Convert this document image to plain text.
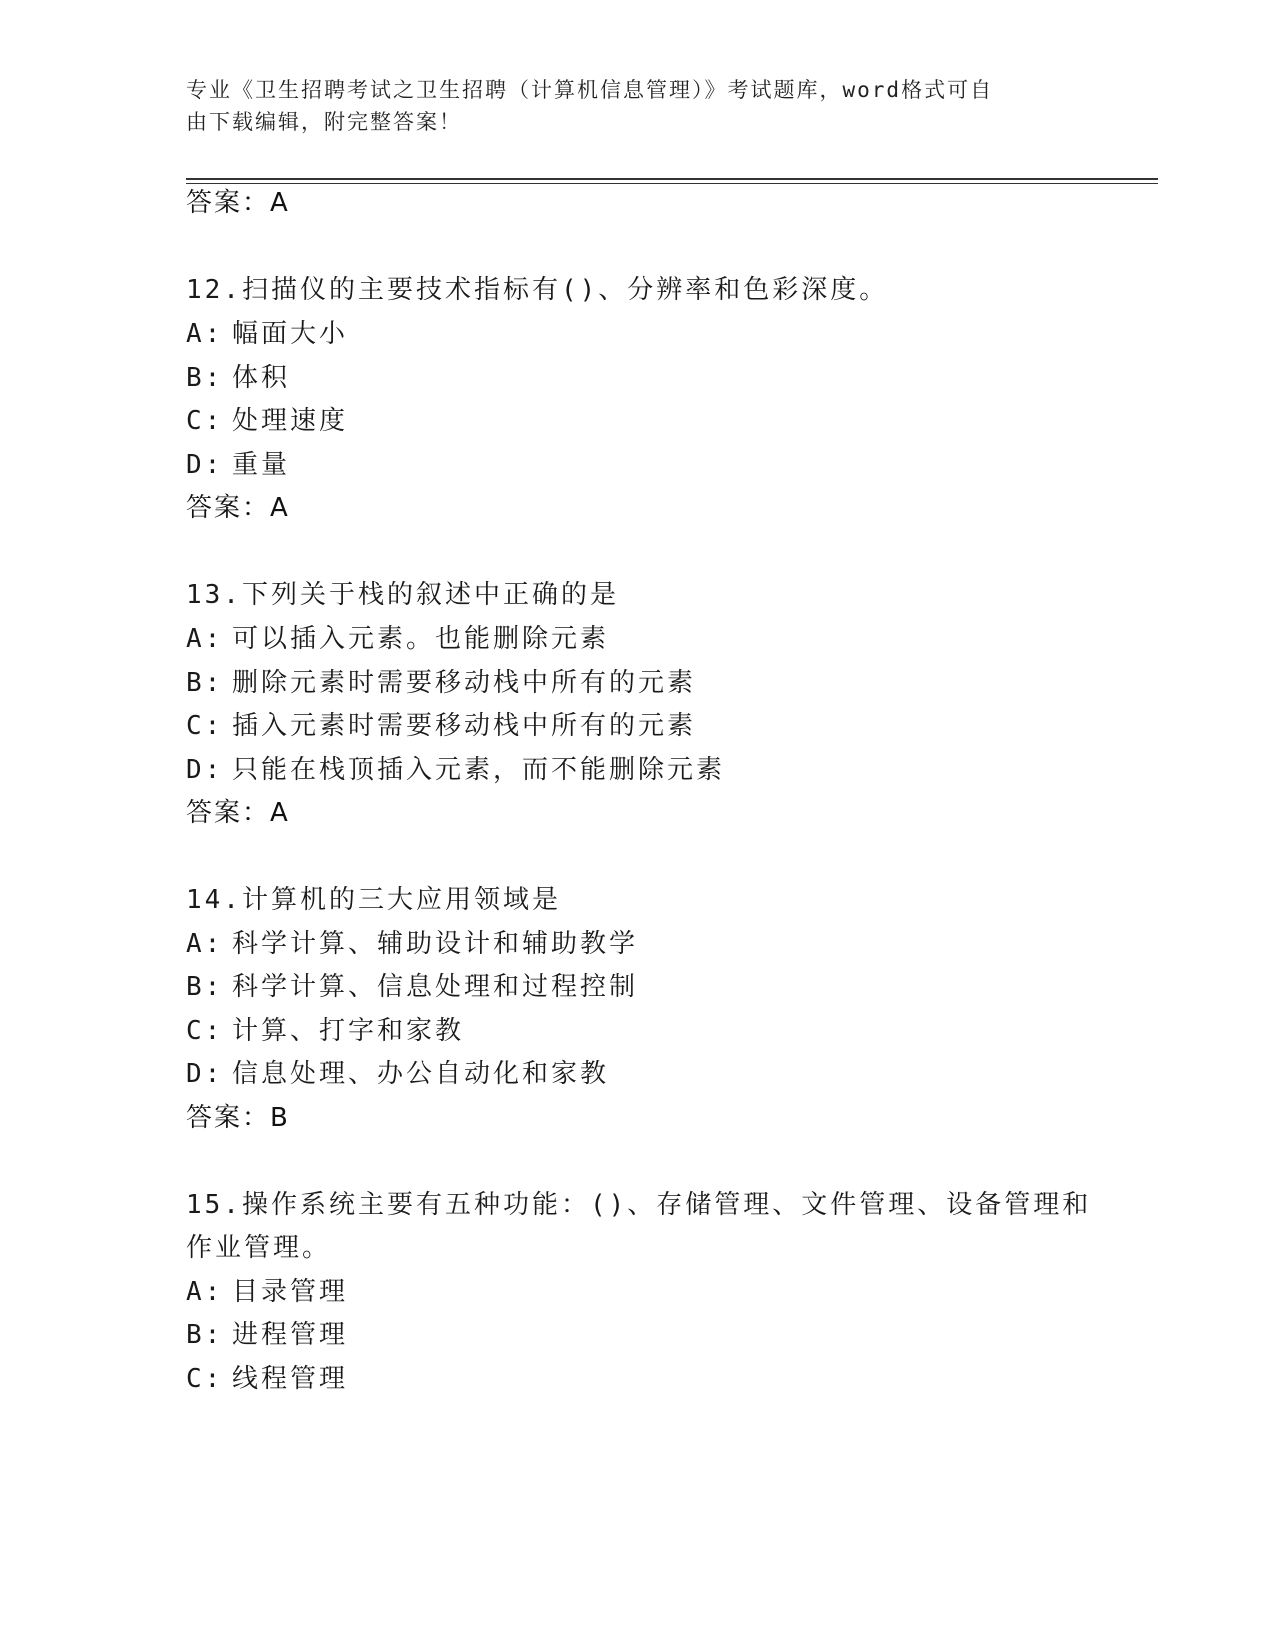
专业《卫生招聘考试之卫生招聘（计算机信息管理）》考试题库，word格式可自
由下载编辑，附完整答案！
答案：A
12.扫描仪的主要技术指标有()、分辨率和色彩深度。
A: 幅面大小
B: 体积
C: 处理速度
D: 重量
答案：A
13.下列关于栈的叙述中正确的是
A: 可以插入元素。也能删除元素
B: 删除元素时需要移动栈中所有的元素
C: 插入元素时需要移动栈中所有的元素
D: 只能在栈顶插入元素，而不能删除元素
答案：A
14.计算机的三大应用领域是
A: 科学计算、辅助设计和辅助教学
B: 科学计算、信息处理和过程控制
C: 计算、打字和家教
D: 信息处理、办公自动化和家教
答案：B
15.操作系统主要有五种功能：()、存储管理、文件管理、设备管理和
作业管理。
A: 目录管理
B: 进程管理
C: 线程管理
